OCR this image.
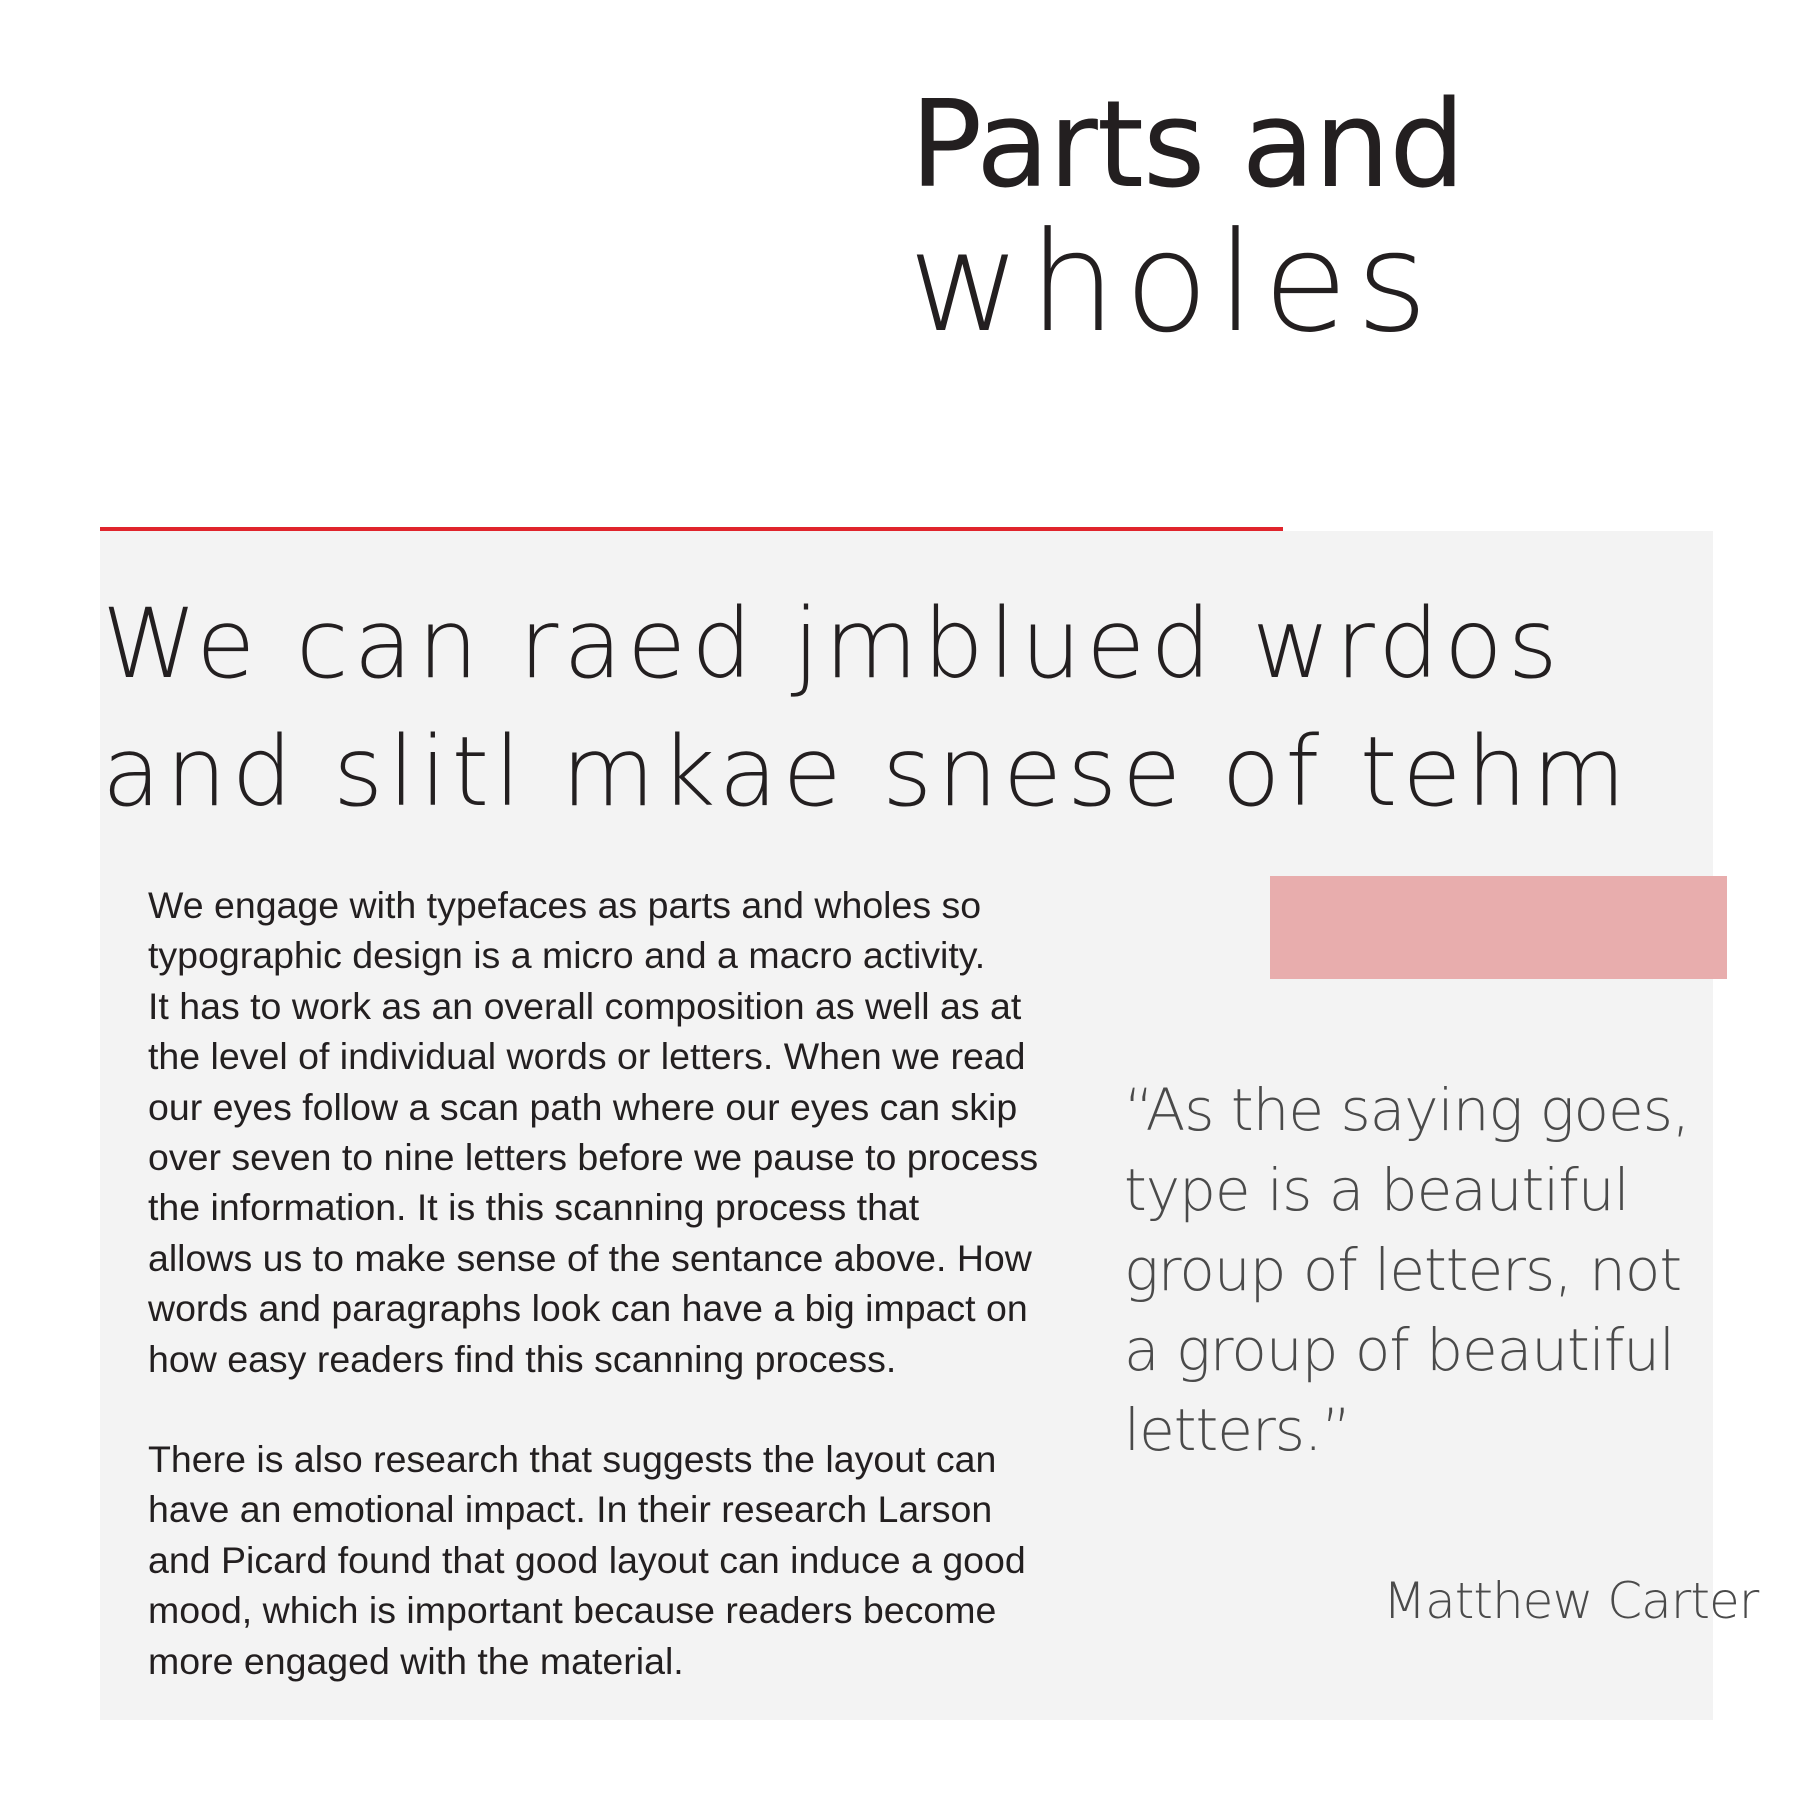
Parts and
wholes
We can raed jmblued wrdos
and slitl mkae snese of tehm

We engage with typefaces as parts and wholes so
typographic design is a micro and a macro activity.
It has to work as an overall composition as well as at
the level of individual words or letters. When we read
our eyes follow a scan path where our eyes can skip
over seven to nine letters before we pause to process
the information. It is this scanning process that
allows us to make sense of the sentance above. How
words and paragraphs look can have a big impact on
how easy readers find this scanning process.

There is also research that suggests the layout can
have an emotional impact. In their research Larson
and Picard found that good layout can induce a good
mood, which is important because readers become
more engaged with the material.

“As the saying goes,
type is a beautiful
group of letters, not
a group of beautiful
letters.”
Matthew Carter
